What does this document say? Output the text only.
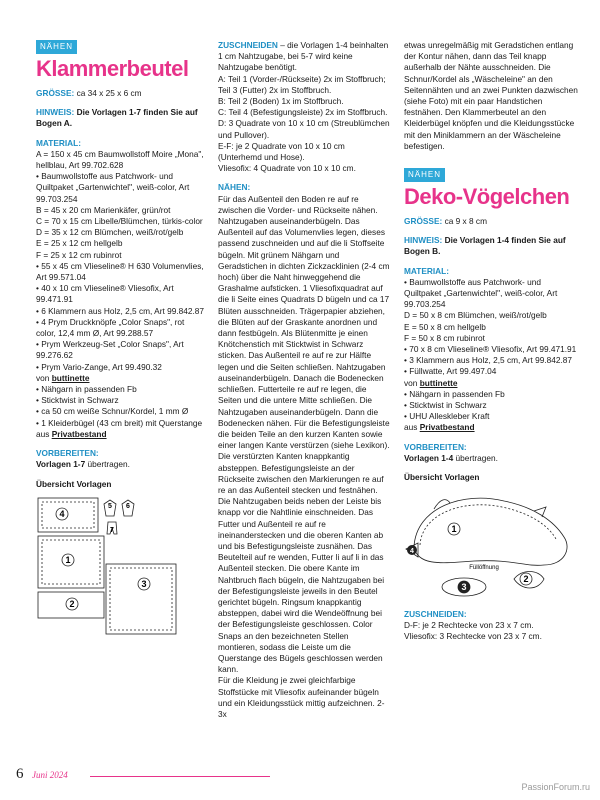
NÄHEN
Klammerbeutel

GRÖSSE: ca 34 x 25 x 6 cm

HINWEIS: Die Vorlagen 1-7 finden Sie auf Bogen A.

MATERIAL:

A = 150 x 45 cm Baumwollstoff Moire „Mona", hellblau, Art 99.702.628

• Baumwollstoffe aus Patchwork- und Quiltpaket „Gartenwichtel", weiß-color, Art 99.703.254

B = 45 x 20 cm Marienkäfer, grün/rot

C = 70 x 15 cm Libelle/Blümchen, türkis-color

D = 35 x 12 cm Blümchen, weiß/rot/gelb

E = 25 x 12 cm hellgelb

F = 25 x 12 cm rubinrot

• 55 x 45 cm Vlieseline® H 630 Volumenvlies, Art 99.571.04

• 40 x 10 cm Vlieseline® Vliesofix, Art 99.471.91

• 6 Klammern aus Holz, 2,5 cm, Art 99.842.87

• 4 Prym Druckknöpfe „Color Snaps", rot color, 12,4 mm Ø, Art 99.288.57

• Prym Werkzeug-Set „Color Snaps", Art 99.276.62

• Prym Vario-Zange, Art 99.490.32

von buttinette

• Nähgarn in passenden Fb

• Sticktwist in Schwarz

• ca 50 cm weiße Schnur/Kordel, 1 mm Ø

• 1 Kleiderbügel (43 cm breit) mit Querstange

aus Privatbestand

VORBEREITEN:

Vorlagen 1-7 übertragen.

Übersicht Vorlagen

4
1
2
3
5 6
7

ZUSCHNEIDEN – die Vorlagen 1-4 beinhalten 1 cm Nahtzugabe, bei 5-7 wird keine Nahtzugabe benötigt.

A: Teil 1 (Vorder-/Rückseite) 2x im Stoffbruch; Teil 3 (Futter) 2x im Stoffbruch.

B: Teil 2 (Boden) 1x im Stoffbruch.

C: Teil 4 (Befestigungsleiste) 2x im Stoffbruch.

D: 3 Quadrate von 10 x 10 cm (Streublümchen und Pullover).

E-F: je 2 Quadrate von 10 x 10 cm (Unterhemd und Hose).

Vliesofix: 4 Quadrate von 10 x 10 cm.

NÄHEN:

Für das Außenteil den Boden re auf re zwischen die Vorder- und Rückseite nähen. Nahtzugaben auseinanderbügeln. Das Außenteil auf das Volumenvlies legen, dieses passend zuschneiden und auf die li Stoffseite bügeln. Mit grünem Nähgarn und Geradstichen in dichten Zickzacklinien (2-4 cm hoch) über die Naht hinweggehend die Grashalme aufsticken. 1 Vliesofixquadrat auf die li Seite eines Quadrats D bügeln und ca 17 Blüten ausschneiden. Trägerpapier abziehen, die Blüten auf der Graskante anordnen und dann festbügeln. Als Blütenmitte je einen Knötchenstich mit Sticktwist in Schwarz sticken. Das Außenteil re auf re zur Hälfte legen und die Seiten schließen. Nahtzugaben auseinanderbügeln. Danach die Bodenecken schließen. Futterteile re auf re legen, die Seiten und die untere Mitte schließen. Die Nahtzugaben auseinanderbügeln. Dann die Bodenecken nähen. Für die Befestigungsleiste die beiden Teile an den kurzen Kanten sowie einer langen Kante verstürzen (siehe Lexikon). Die verstürzten Kanten knappkantig absteppen. Befestigungsleiste an der Rückseite zwischen den Markierungen re auf re an das Außenteil stecken und festnähen. Die Nahtzugaben beids neben der Leiste bis knapp vor die Nahtlinie einschneiden. Das Futter und Außenteil re auf re ineinanderstecken und die oberen Kanten ab und bis Befestigungsleiste zusnähen. Das Beutelteil auf re wenden, Futter li auf li in das Außenteil stecken. Die obere Kante im Nahtbruch flach bügeln, die Nahtzugaben bei der Befestigungsleiste jeweils in den Beutel gerichtet bügeln. Ringsum knappkantig absteppen, dabei wird die Wendeöffnung bei der Befestigungsleiste geschlossen. Color Snaps an den bezeichneten Stellen montieren, sodass die Leiste um die Querstange des Bügels geschlossen werden kann.

Für die Kleidung je zwei gleichfarbige Stoffstücke mit Vliesofix aufeinander bügeln und ein Kleidungsstück mittig aufzeichnen. 2-3x

etwas unregelmäßig mit Geradstichen entlang der Kontur nähen, dann das Teil knapp außerhalb der Nähte ausschneiden. Die Schnur/Kordel als „Wäscheleine" an den Seitennähten und an zwei Punkten dazwischen (siehe Foto) mit ein paar Handstichen festnähen. Den Klammerbeutel an den Kleiderbügel knöpfen und die Kleidungsstücke mit den Miniklammern an der Wäscheleine befestigen.

NÄHEN
Deko-Vögelchen

GRÖSSE: ca 9 x 8 cm

HINWEIS: Die Vorlagen 1-4 finden Sie auf Bogen B.

MATERIAL:

• Baumwollstoffe aus Patchwork- und Quiltpaket „Gartenwichtel", weiß-color, Art 99.703.254

D = 50 x 8 cm Blümchen, weiß/rot/gelb

E = 50 x 8 cm hellgelb

F = 50 x 8 cm rubinrot

• 70 x 8 cm Vlieseline® Vliesofix, Art 99.471.91

• 3 Klammern aus Holz, 2,5 cm, Art 99.842.87

• Füllwatte, Art 99.497.04

von buttinette

• Nähgarn in passenden Fb

• Sticktwist in Schwarz

• UHU Alleskleber Kraft

aus Privatbestand

VORBEREITEN:

Vorlagen 1-4 übertragen.

Übersicht Vorlagen

1
2
3
4
Füllöffnung

ZUSCHNEIDEN:

D-F: je 2 Rechtecke von 23 x 7 cm.

Vliesofix: 3 Rechtecke von 23 x 7 cm.

6 Juni 2024
PassionForum.ru
